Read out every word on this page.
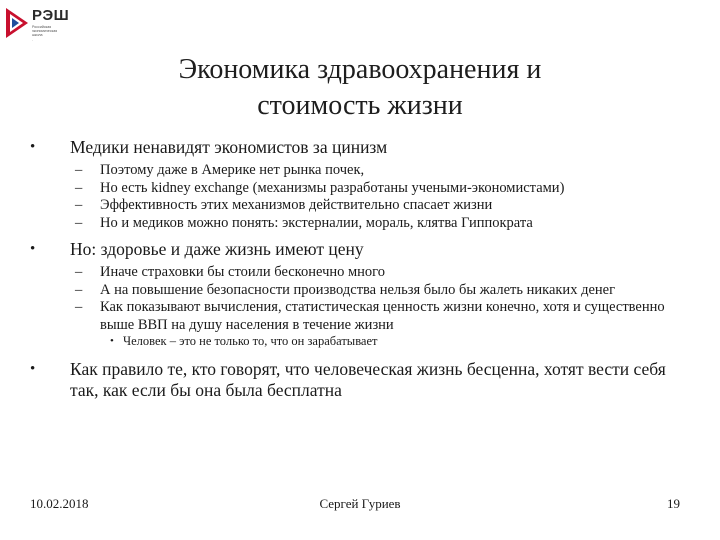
РЭШ
Российская
экономическая
школа
.
Экономика здравоохранения и
стоимость жизни
• Медики ненавидят экономистов за цинизм
– Поэтому даже в Америке нет рынка почек,
– Но есть kidney exchange (механизмы разработаны учеными-экономистами)
– Эффективность этих механизмов действительно спасает жизни
– Но и медиков можно понять: экстерналии, мораль, клятва Гиппократа
• Но: здоровье и даже жизнь имеют цену
– Иначе страховки бы стоили бесконечно много
– А на повышение безопасности производства нельзя было бы жалеть никаких денег
– Как показывают вычисления, статистическая ценность жизни конечно, хотя и существенно выше ВВП на душу населения в течение жизни
• Человек – это не только то, что он зарабатывает
• Как правило те, кто говорят, что человеческая жизнь бесценна, хотят вести себя так, как если бы она была бесплатна
10.02.2018	Сергей Гуриев	19
